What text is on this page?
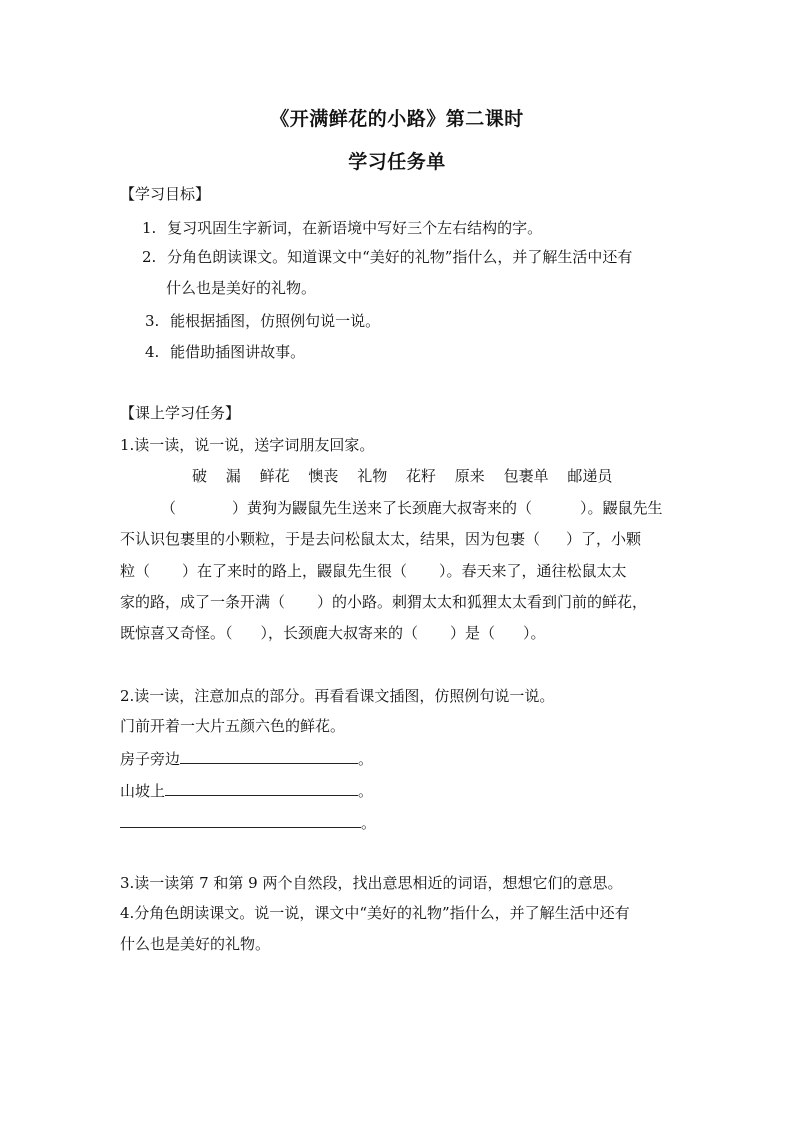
《开满鲜花的小路》第二课时
学习任务单
【学习目标】
1. 复习巩固生字新词，在新语境中写好三个左右结构的字。
2. 分角色朗读课文。知道课文中“美好的礼物”指什么，并了解生活中还有
什么也是美好的礼物。
3. 能根据插图，仿照例句说一说。
4. 能借助插图讲故事。
【课上学习任务】
1.读一读，说一说，送字词朋友回家。
破 漏 鲜花 懊丧 礼物 花籽 原来 包裹单 邮递员
（	）黄狗为鼹鼠先生送来了长颈鹿大叔寄来的（	）。鼹鼠先生
不认识包裹里的小颗粒，于是去问松鼠太太，结果，因为包裹（ ）了，小颗
粒（ ）在了来时的路上，鼹鼠先生很（ ）。春天来了，通往松鼠太太
家的路，成了一条开满（ ）的小路。刺猬太太和狐狸太太看到门前的鲜花，
既惊喜又奇怪。（ ），长颈鹿大叔寄来的（ ）是（ ）。
2.读一读，注意加点的部分。再看看课文插图，仿照例句说一说。
门前开着一大片五颜六色的鲜花。
房子旁边	。
山坡上	。
。
3.读一读第 7 和第 9 两个自然段，找出意思相近的词语，想想它们的意思。
4.分角色朗读课文。说一说，课文中“美好的礼物”指什么，并了解生活中还有
什么也是美好的礼物。
